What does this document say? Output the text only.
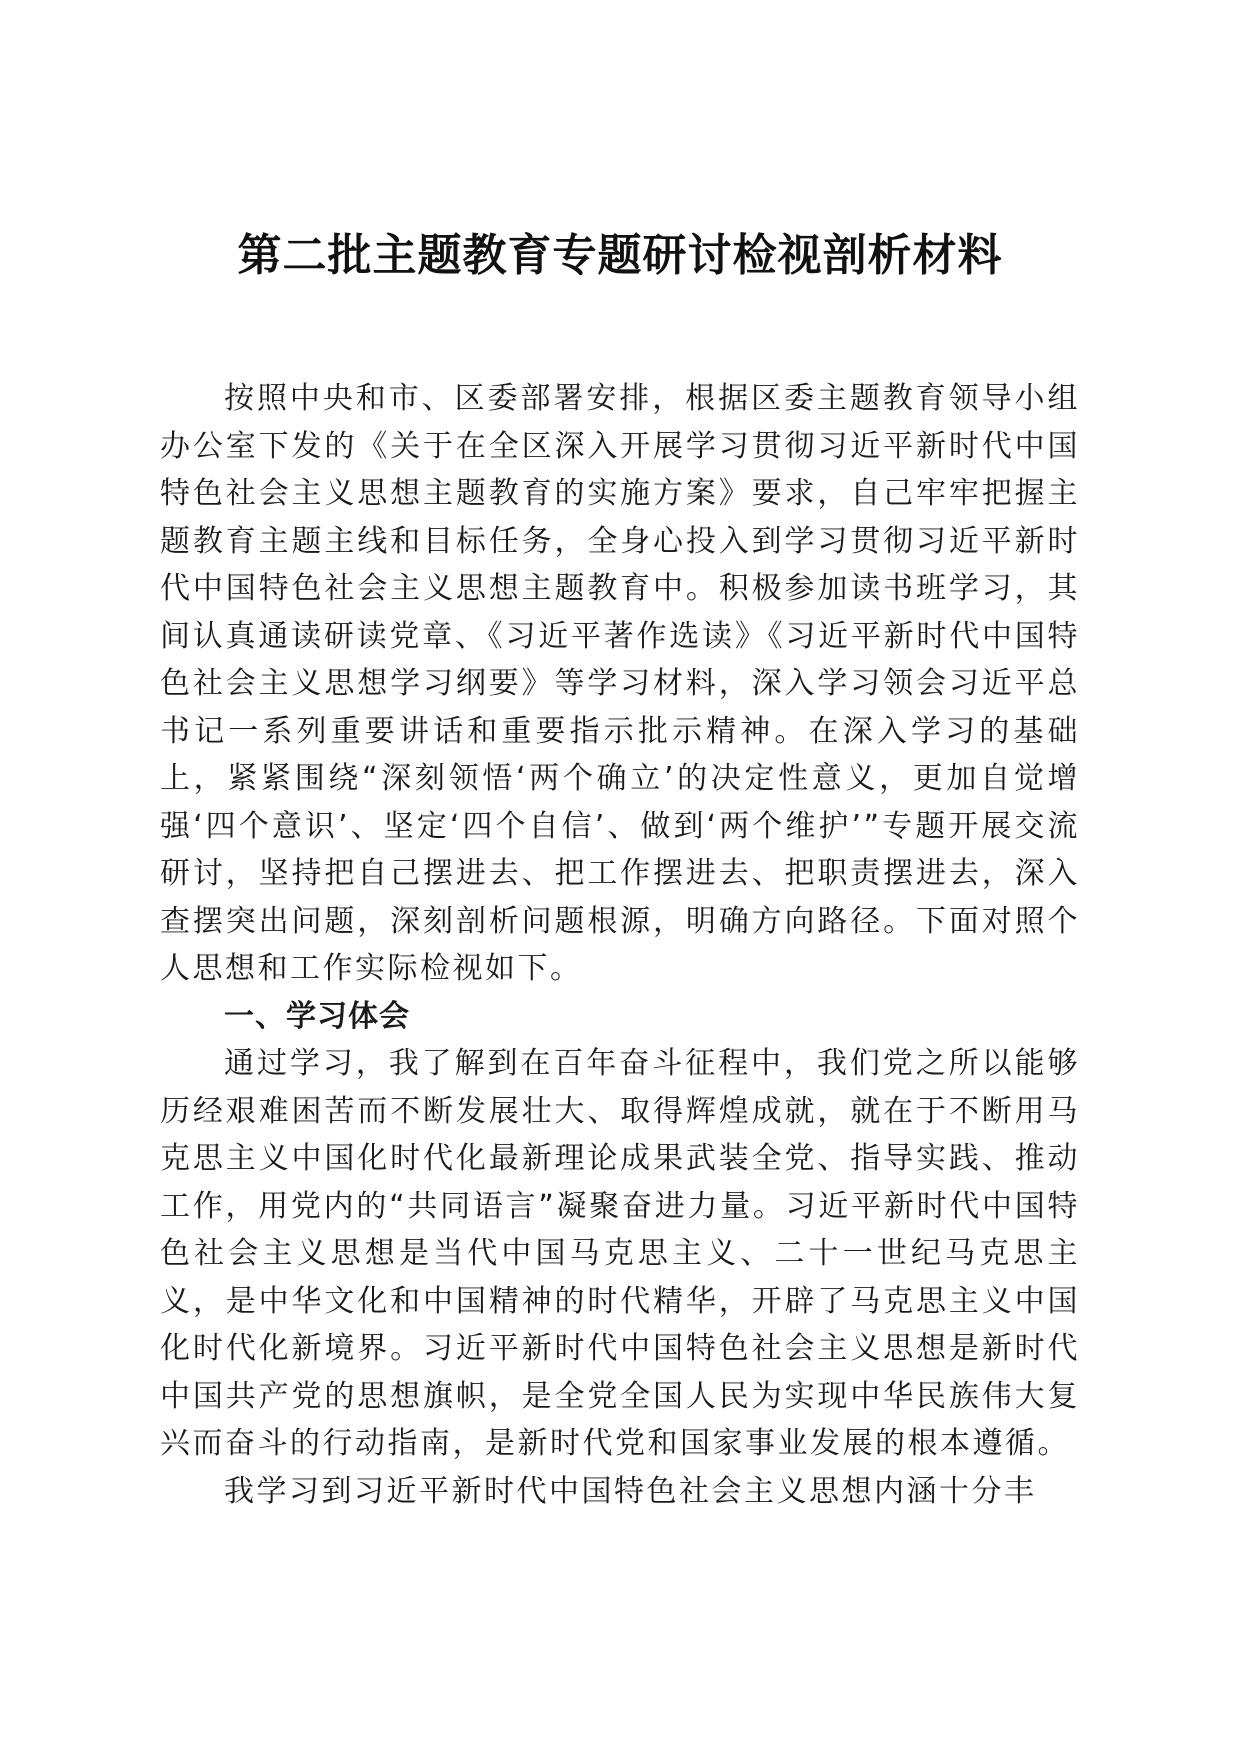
第二批主题教育专题研讨检视剖析材料

按照中央和市、区委部署安排，根据区委主题教育领导小组办公室下发的《关于在全区深入开展学习贯彻习近平新时代中国特色社会主义思想主题教育的实施方案》要求，自己牢牢把握主题教育主题主线和目标任务，全身心投入到学习贯彻习近平新时代中国特色社会主义思想主题教育中。积极参加读书班学习，其间认真通读研读党章、《习近平著作选读》《习近平新时代中国特色社会主义思想学习纲要》等学习材料，深入学习领会习近平总书记一系列重要讲话和重要指示批示精神。在深入学习的基础上，紧紧围绕“深刻领悟‘两个确立’的决定性意义，更加自觉增强‘四个意识’、坚定‘四个自信’、做到‘两个维护’”专题开展交流研讨，坚持把自己摆进去、把工作摆进去、把职责摆进去，深入查摆突出问题，深刻剖析问题根源，明确方向路径。下面对照个人思想和工作实际检视如下。

一、学习体会

通过学习，我了解到在百年奋斗征程中，我们党之所以能够历经艰难困苦而不断发展壮大、取得辉煌成就，就在于不断用马克思主义中国化时代化最新理论成果武装全党、指导实践、推动工作，用党内的“共同语言”凝聚奋进力量。习近平新时代中国特色社会主义思想是当代中国马克思主义、二十一世纪马克思主义，是中华文化和中国精神的时代精华，开辟了马克思主义中国化时代化新境界。习近平新时代中国特色社会主义思想是新时代中国共产党的思想旗帜，是全党全国人民为实现中华民族伟大复兴而奋斗的行动指南，是新时代党和国家事业发展的根本遵循。

我学习到习近平新时代中国特色社会主义思想内涵十分丰
